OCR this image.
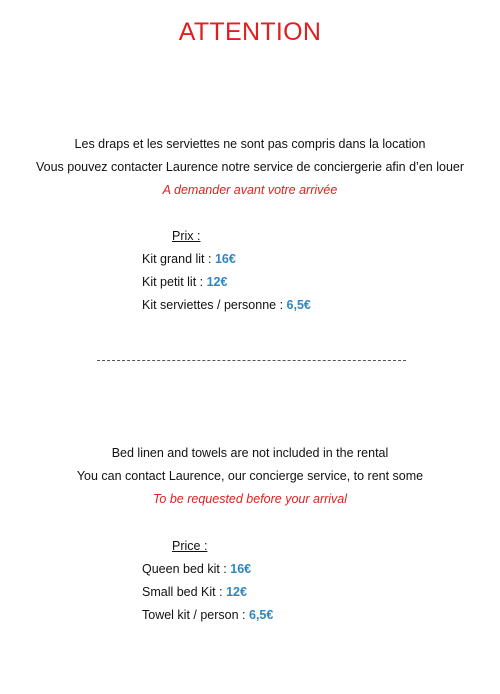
ATTENTION
Les draps et les serviettes ne sont pas compris dans la location
Vous pouvez contacter Laurence notre service de conciergerie afin d’en louer
A demander avant votre arrivée
Prix :
Kit grand lit : 16€
Kit petit lit : 12€
Kit serviettes / personne : 6,5€
Bed linen and towels are not included in the rental
You can contact Laurence, our concierge service, to rent some
To be requested before your arrival
Price :
Queen bed kit : 16€
Small bed Kit : 12€
Towel kit / person : 6,5€
